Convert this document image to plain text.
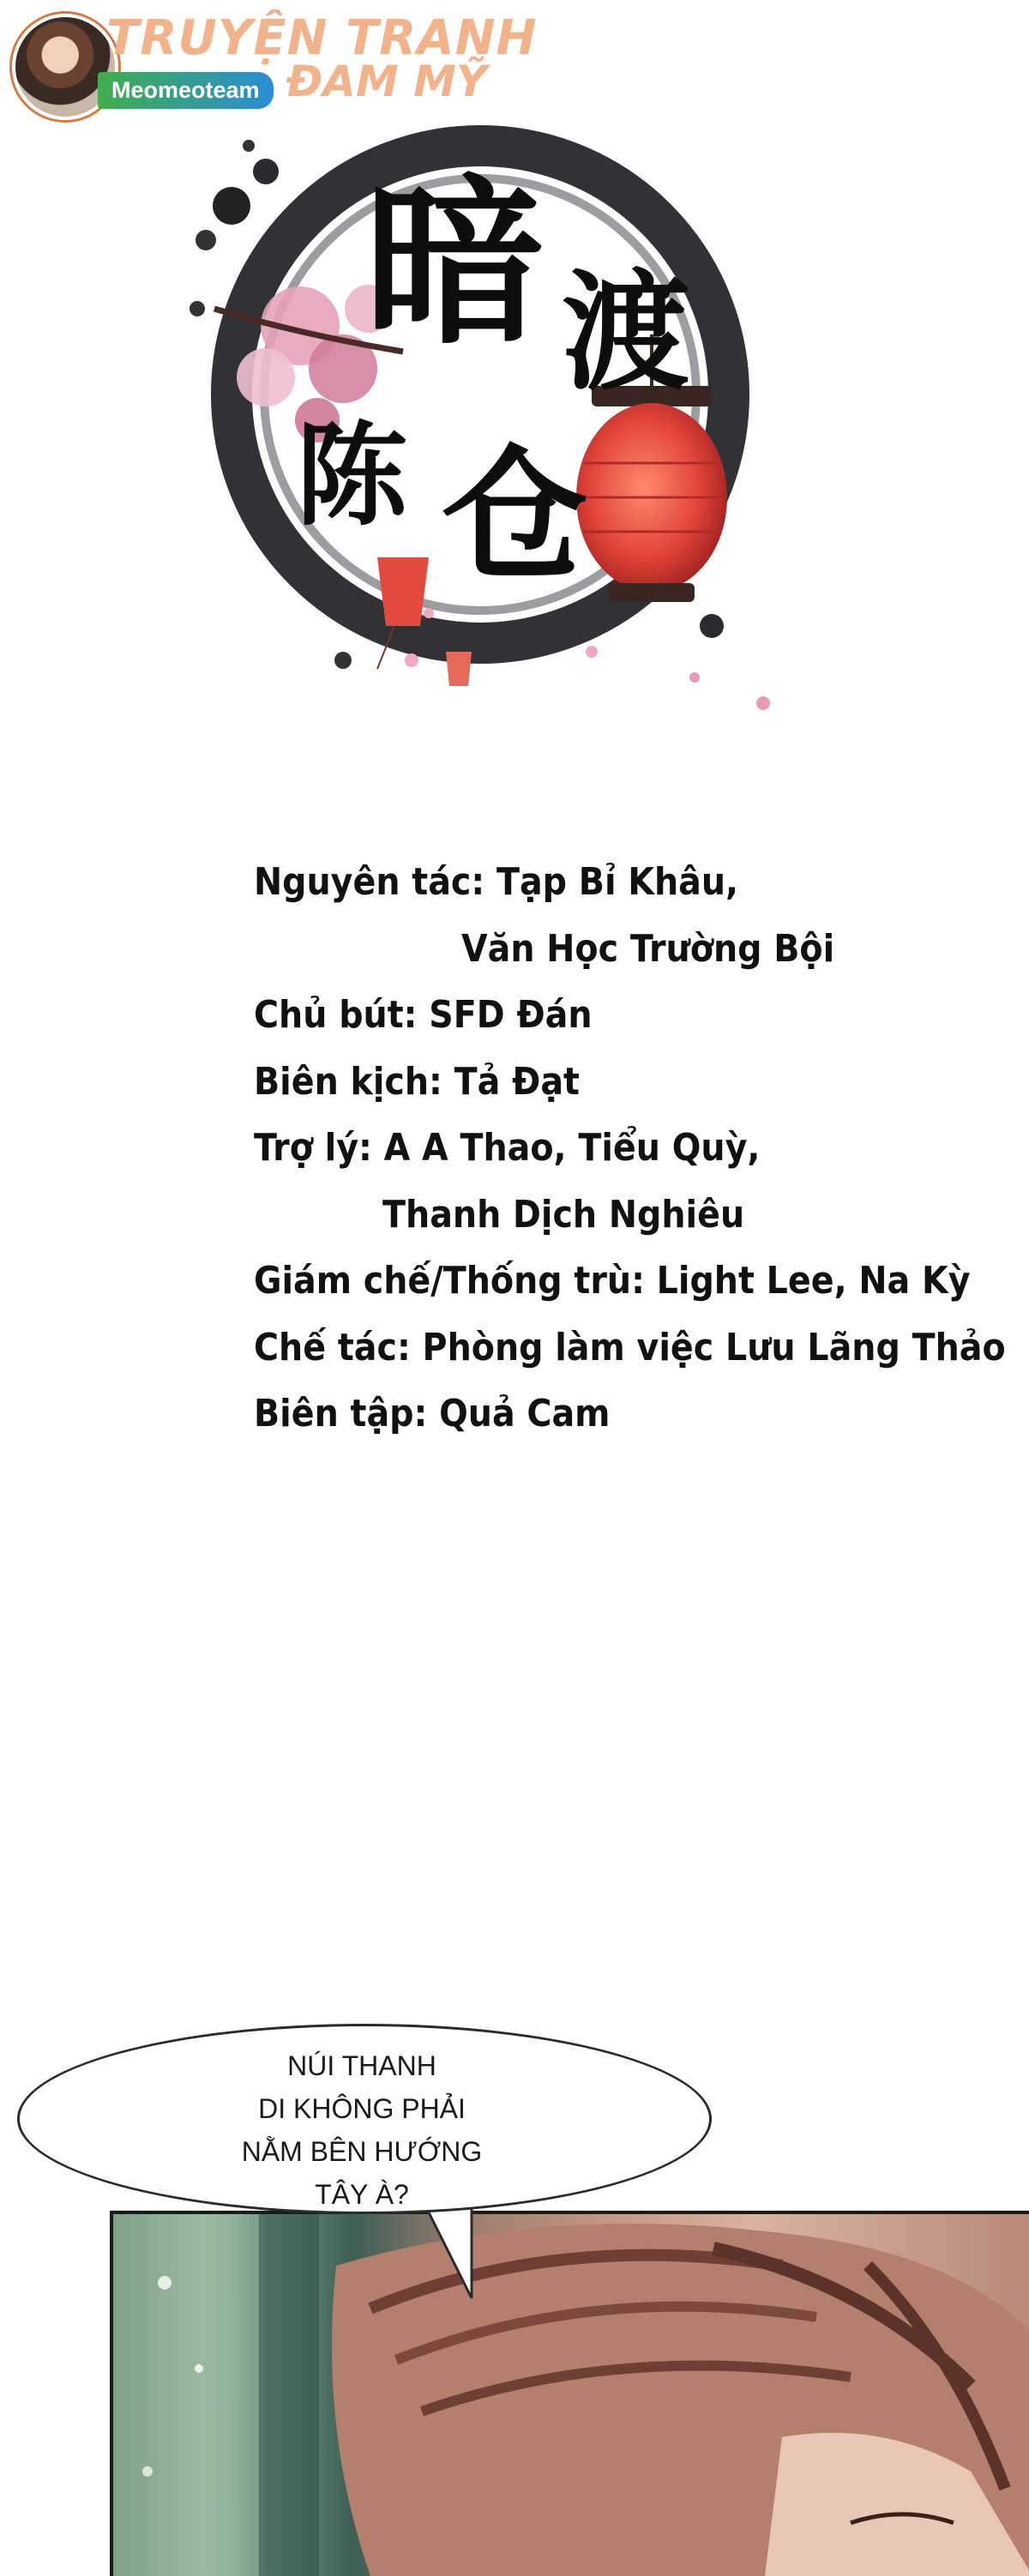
TRUYỆN TRANH
ĐAM MỸ
Meomeoteam
暗 渡
陈 仓
Nguyên tác: Tạp Bỉ Khâu,
Văn Học Trường Bội
Chủ bút: SFD Đán
Biên kịch: Tả Đạt
Trợ lý: A A Thao, Tiểu Quỳ,
Thanh Dịch Nghiêu
Giám chế/Thống trù: Light Lee, Na Kỳ
Chế tác: Phòng làm việc Lưu Lãng Thảo
Biên tập: Quả Cam
NÚI THANH
DI KHÔNG PHẢI
NẰM BÊN HƯỚNG
TÂY À?
